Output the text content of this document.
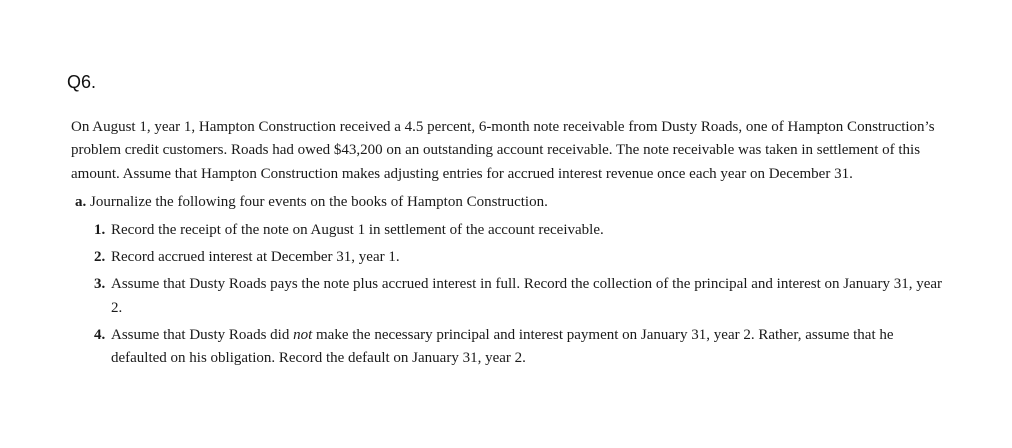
Q6.

On August 1, year 1, Hampton Construction received a 4.5 percent, 6-month note receivable from Dusty Roads, one of Hampton Construction’s problem credit customers. Roads had owed $43,200 on an outstanding account receivable. The note receivable was taken in settlement of this amount. Assume that Hampton Construction makes adjusting entries for accrued interest revenue once each year on December 31.

a. Journalize the following four events on the books of Hampton Construction.
1. Record the receipt of the note on August 1 in settlement of the account receivable.
2. Record accrued interest at December 31, year 1.
3. Assume that Dusty Roads pays the note plus accrued interest in full. Record the collection of the principal and interest on January 31, year 2.
4. Assume that Dusty Roads did not make the necessary principal and interest payment on January 31, year 2. Rather, assume that he defaulted on his obligation. Record the default on January 31, year 2.
